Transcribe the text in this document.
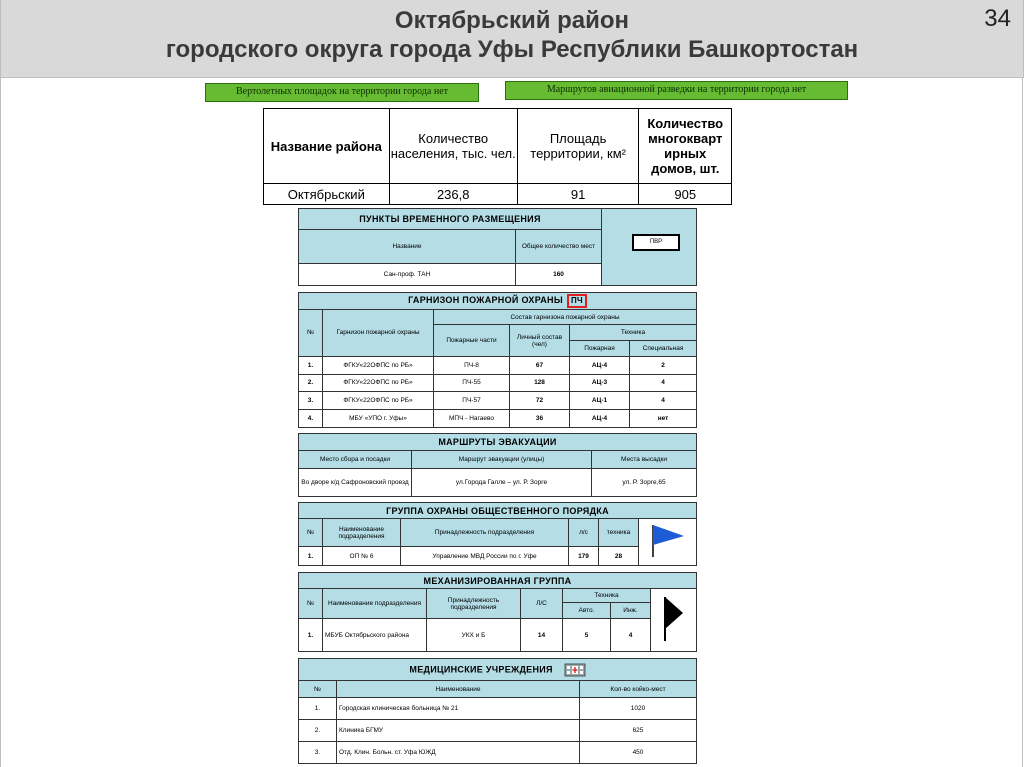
Октябрьский район
городского округа города Уфы Республики Башкортостан
34
Вертолетных площадок на территории города нет	Маршрутов авиационной разведки на территории города нет
Название района	Количество населения, тыс. чел.	Площадь территории, км²	Количество многокварт ирных домов, шт.
Октябрьский	236,8	91	905
ПУНКТЫ ВРЕМЕННОГО РАЗМЕЩЕНИЯ		
Название	Общее количество мест	
Сан-проф. ТАН	160	
ПВР
ГАРНИЗОН ПОЖАРНОЙ ОХРАНЫ ПЧ					
№	Гарнизон пожарной охраны	Состав гарнизона пожарной охраны			
		Пожарные части	Личный состав (чел)	Техника	
				Пожарная	Специальная
1.	ФГКУ«22ОФПС по РБ»	ПЧ-8	67	АЦ-4	2
2.	ФГКУ«22ОФПС по РБ»	ПЧ-55	128	АЦ-3	4
3.	ФГКУ«22ОФПС по РБ»	ПЧ-57	72	АЦ-1	4
4.	МБУ «УПО г. Уфы»	МПЧ - Нагаево	36	АЦ-4	нет
МАРШРУТЫ ЭВАКУАЦИИ		
Место сбора и посадки	Маршрут эвакуации (улицы)	Места высадки
Во дворе к/д Сафроновский проезд	ул.Города Галле – ул. Р. Зорге	ул. Р. Зорге,65
ГРУППА ОХРАНЫ ОБЩЕСТВЕННОГО ПОРЯДКА					
№	Наименование подразделения	Принадлежность подразделения	л/с	техника	
1.	ОП № 6	Управление МВД России по г. Уфе	179	28	
МЕХАНИЗИРОВАННАЯ ГРУППА						
№	Наименование подразделения	Принадлежность подразделения	Л/С	Техника	
				Авто.	Инж.	
1.	МБУБ Октябрьского района	УКХ и Б	14	5	4	
МЕДИЦИНСКИЕ УЧРЕЖДЕНИЯ		
№	Наименование	Кол-во койко-мест
1.	Городская клиническая больница № 21	1020
2.	Клиника БГМУ	625
3.	Отд. Клин. Больн. ст. Уфа ЮЖД	450
